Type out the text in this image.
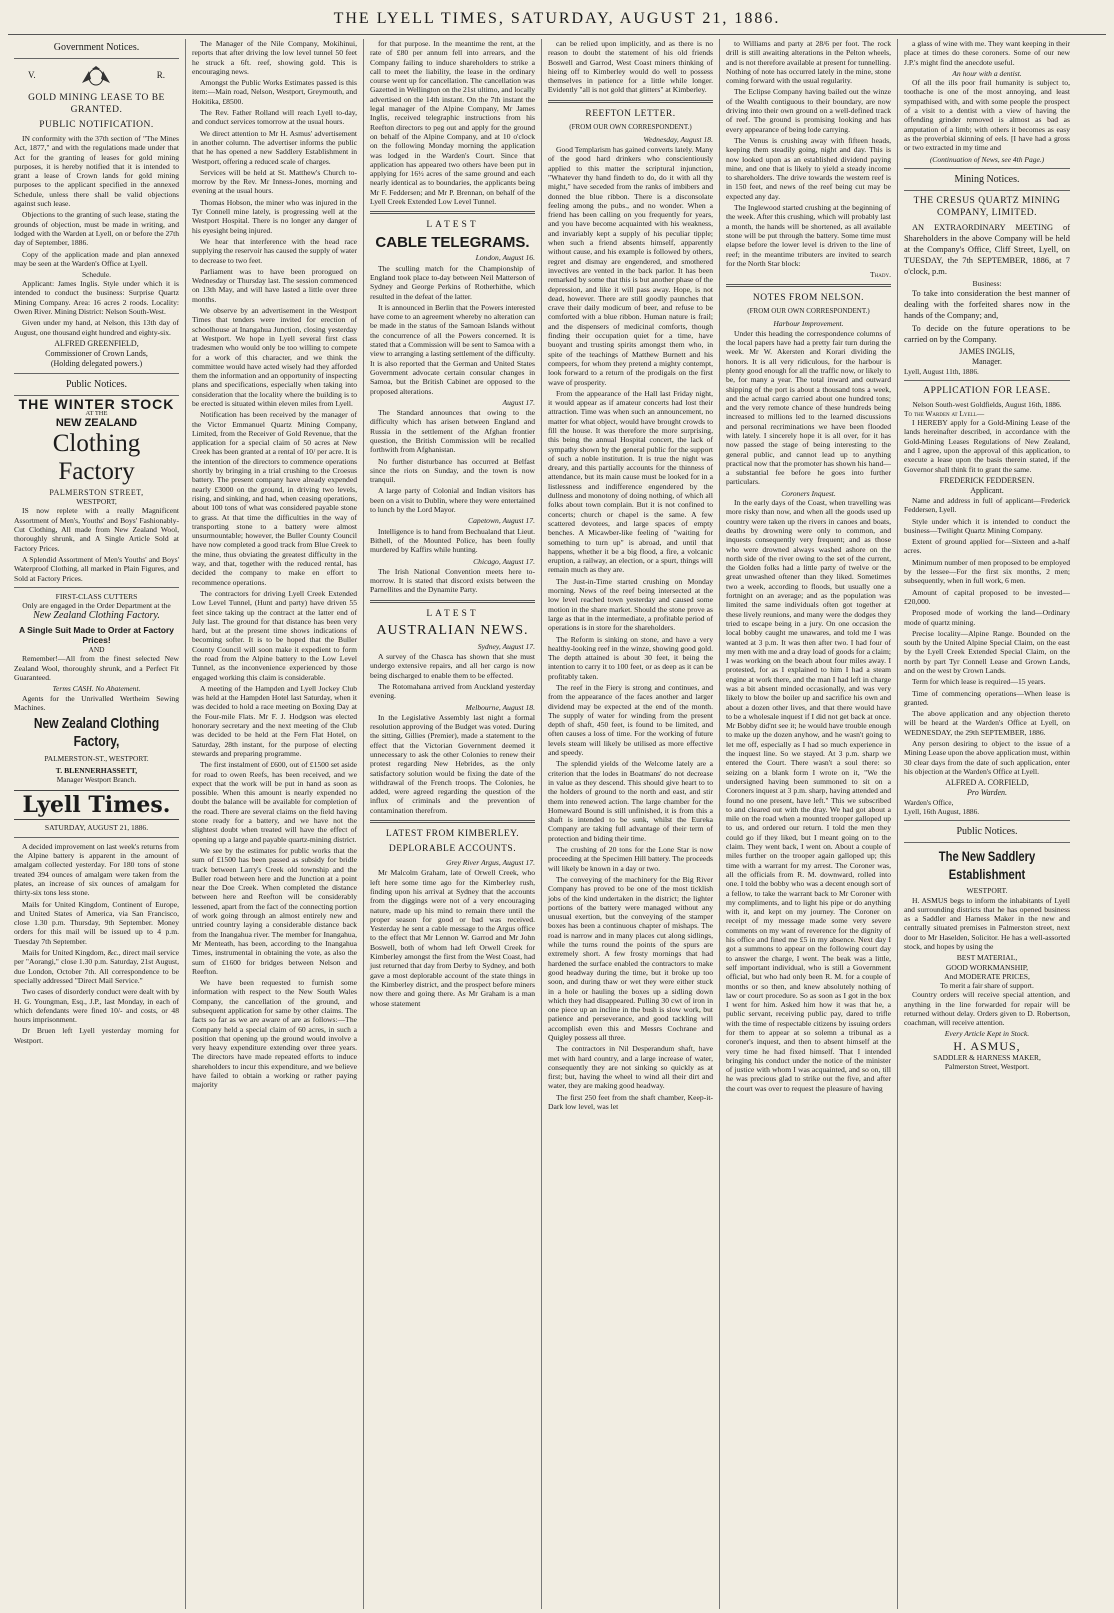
THE LYELL TIMES, SATURDAY, AUGUST 21, 1886.
Government Notices.
V.	R.
GOLD MINING LEASE TO BE GRANTED.
PUBLIC NOTIFICATION.

IN conformity with the 37th section of "The Mines Act, 1877," and with the regulations made under that Act for the granting of leases for gold mining purposes, it is hereby notified that it is intended to grant a lease of Crown lands for gold mining purposes to the applicant specified in the annexed Schedule, unless there shall be valid objections against such lease.

Objections to the granting of such lease, stating the grounds of objection, must be made in writing, and lodged with the Warden at Lyell, on or before the 27th day of September, 1886.

Copy of the application made and plan annexed may be seen at the Warden's Office at Lyell.

Schedule.

Applicant: James Inglis. Style under which it is intended to conduct the business: Surprise Quartz Mining Company. Area: 16 acres 2 roods. Locality: Owen River. Mining District: Nelson South-West.

Given under my hand, at Nelson, this 13th day of August, one thousand eight hundred and eighty-six.

ALFRED GREENFIELD,
Commissioner of Crown Lands,
(Holding delegated powers.)
Public Notices.
THE WINTER STOCK
AT THE
NEW ZEALAND
Clothing Factory
PALMERSTON STREET,
WESTPORT,

IS now replete with a really Magnificent Assortment of Men's, Youths' and Boys' Fashionably-Cut Clothing, All made from New Zealand Wool, thoroughly shrunk, and A Single Article Sold at Factory Prices.

A Splendid Assortment of Men's Youths' and Boys' Waterproof Clothing, all marked in Plain Figures, and Sold at Factory Prices.

FIRST-CLASS CUTTERS
Only are engaged in the Order Department at the
New Zealand Clothing Factory.
A Single Suit Made to Order at Factory Prices!
AND

Remember!—All from the finest selected New Zealand Wool, thoroughly shrunk, and a Perfect Fit Guaranteed.

Terms CASH. No Abatement.

Agents for the Unrivalled Wertheim Sewing Machines.

New Zealand Clothing Factory,
PALMERSTON-ST., WESTPORT.
T. BLENNERHASSETT,
Manager Westport Branch.
Lyell Times.
SATURDAY, AUGUST 21, 1886.

A decided improvement on last week's returns from the Alpine battery is apparent in the amount of amalgam collected yesterday. For 180 tons of stone treated 394 ounces of amalgam were taken from the plates, an increase of six ounces of amalgam for thirty-six tons less stone.

Mails for United Kingdom, Continent of Europe, and United States of America, via San Francisco, close 1.30 p.m. Thursday, 9th September. Money orders for this mail will be issued up to 4 p.m. Tuesday 7th September.

Mails for United Kingdom, &c., direct mail service per "Aorangi," close 1.30 p.m. Saturday, 21st August, due London, October 7th. All correspondence to be specially addressed "Direct Mail Service."

Two cases of disorderly conduct were dealt with by H. G. Youngman, Esq., J.P., last Monday, in each of which defendants were fined 10/- and costs, or 48 hours imprisonment.

Dr Bruen left Lyell yesterday morning for Westport.

The Manager of the Nile Company, Mokihinui, reports that after driving the low level tunnel 50 feet he struck a 6ft. reef, showing gold. This is encouraging news.

Amongst the Public Works Estimates passed is this item:—Main road, Nelson, Westport, Greymouth, and Hokitika, £8500.

The Rev. Father Rolland will reach Lyell to-day, and conduct services tomorrow at the usual hours.

We direct attention to Mr H. Asmus' advertisement in another column. The advertiser informs the public that he has opened a new Saddlery Establishment in Westport, offering a reduced scale of charges.

Services will be held at St. Matthew's Church to-morrow by the Rev. Mr Inness-Jones, morning and evening at the usual hours.

Thomas Hobson, the miner who was injured in the Tyr Connell mine lately, is progressing well at the Westport Hospital. There is no longer any danger of his eyesight being injured.

We hear that interference with the head race supplying the reservoir has caused the supply of water to decrease to two feet.

Parliament was to have been prorogued on Wednesday or Thursday last. The session commenced on 13th May, and will have lasted a little over three months.

We observe by an advertisement in the Westport Times that tenders were invited for erection of schoolhouse at Inangahua Junction, closing yesterday at Westport. We hope in Lyell several first class tradesmen who would only be too willing to compete for a work of this character, and we think the committee would have acted wisely had they afforded them the information and an opportunity of inspecting plans and specifications, especially when taking into consideration that the locality where the building is to be erected is situated within eleven miles from Lyell.

Notification has been received by the manager of the Victor Emmanuel Quartz Mining Company, Limited, from the Receiver of Gold Revenue, that the application for a special claim of 50 acres at New Creek has been granted at a rental of 10/ per acre. It is the intention of the directors to commence operations shortly by bringing in a trial crushing to the Croesus battery. The present company have already expended nearly £3000 on the ground, in driving two levels, rising, and sinking, and had, when ceasing operations, about 100 tons of what was considered payable stone to grass. At that time the difficulties in the way of transporting stone to a battery were almost unsurmountable; however, the Buller County Council have now completed a good track from Blue Creek to the mine, thus obviating the greatest difficulty in the way, and that, together with the reduced rental, has decided the company to make en effort to recommence operations.

The contractors for driving Lyell Creek Extended Low Level Tunnel, (Hunt and party) have driven 55 feet since taking up the contract at the latter end of July last. The ground for that distance has been very hard, but at the present time shows indications of becoming softer. It is to be hoped that the Buller County Council will soon make it expedient to form the road from the Alpine battery to the Low Level Tunnel, as the inconvenience experienced by those engaged working this claim is considerable.

A meeting of the Hampden and Lyell Jockey Club was held at the Hampden Hotel last Saturday, when it was decided to hold a race meeting on Boxing Day at the Four-mile Flats. Mr F. J. Hodgson was elected honorary secretary and the next meeting of the Club was decided to be held at the Fern Flat Hotel, on Saturday, 28th instant, for the purpose of electing stewards and preparing programme.

The first instalment of £600, out of £1500 set aside for road to owen Reefs, has been received, and we expect that the work will be put in hand as soon as possible. When this amount is nearly expended no doubt the balance will be available for completion of the road. There are several claims on the field having stone ready for a battery, and we have not the slightest doubt when treated will have the effect of opening up a large and payable quartz-mining district.

We see by the estimates for public works that the sum of £1500 has been passed as subsidy for bridle track between Larry's Creek old township and the Buller road between here and the Junction at a point near the Doe Creek. When completed the distance between here and Reefton will be considerably lessened, apart from the fact of the connecting portion of work going through an almost entirely new and untried country laying a considerable distance back from the Inangahua river. The member for Inangahua, Mr Menteath, has been, according to the Inangahua Times, instrumental in obtaining the vote, as also the sum of £1600 for bridges between Nelson and Reefton.

We have been requested to furnish some information with respect to the New South Wales Company, the cancellation of the ground, and subsequent application for same by other claims. The facts so far as we are aware of are as follows:—The Company held a special claim of 60 acres, in such a position that opening up the ground would involve a very heavy expenditure extending over three years. The directors have made repeated efforts to induce shareholders to incur this expenditure, and we believe have failed to obtain a working or rather paying majority

for that purpose. In the meantime the rent, at the rate of £80 per annum fell into arrears, and the Company failing to induce shareholders to strike a call to meet the liability, the lease in the ordinary course went up for cancellation. The cancellation was Gazetted in Wellington on the 21st ultimo, and locally advertised on the 14th instant. On the 7th instant the legal manager of the Alpine Company, Mr James Inglis, received telegraphic instructions from his Reefton directors to peg out and apply for the ground on behalf of the Alpine Company, and at 10 o'clock on the following Monday morning the application was lodged in the Warden's Court. Since that application has appeared two others have been put in applying for 16½ acres of the same ground and each nearly identical as to boundaries, the applicants being Mr F. Feddersen; and Mr P. Brennan, on behalf of the Lyell Creek Extended Low Level Tunnel.

LATEST
CABLE TELEGRAMS.
London, August 16.

The sculling match for the Championship of England took place to-day between Neil Matterson of Sydney and George Perkins of Rotherhithe, which resulted in the defeat of the latter.

It is announced in Berlin that the Powers interested have come to an agreement whereby no alteration can be made in the status of the Samoan Islands without the concurrence of all the Powers concerned. It is stated that a Commission will be sent to Samoa with a view to arranging a lasting settlement of the difficulty. It is also reported that the German and United States Government advocate certain consular changes in Samoa, but the British Cabinet are opposed to the proposed alterations.

August 17.

The Standard announces that owing to the difficulty which has arisen between England and Russia in the settlement of the Afghan frontier question, the British Commission will be recalled forthwith from Afghanistan.

No further disturbance has occurred at Belfast since the riots on Sunday, and the town is now tranquil.

A large party of Colonial and Indian visitors has been on a visit to Dublin, where they were entertained to lunch by the Lord Mayor.

Capetown, August 17.

Intelligence is to hand from Bechualand that Lieut. Bithell, of the Mounted Police, has been foully murdered by Kaffirs while hunting.

Chicago, August 17.

The Irish National Convention meets here to-morrow. It is stated that discord exists between the Parnellites and the Dynamite Party.

LATEST
AUSTRALIAN NEWS.
Sydney, August 17.

A survey of the Chasca has shown that she must undergo extensive repairs, and all her cargo is now being discharged to enable them to be effected.

The Rotomahana arrived from Auckland yesterday evening.

Melbourne, August 18.

In the Legislative Assembly last night a formal resolution approving of the Budget was voted. During the sitting, Gillies (Premier), made a statement to the effect that the Victorian Government deemed it unnecessary to ask the other Colonies to renew their protest regarding New Hebrides, as the only satisfactory solution would be fixing the date of the withdrawal of the French troops. The Colonies, he added, were agreed regarding the question of the influx of criminals and the prevention of contamination therefrom.

LATEST FROM KIMBERLEY.
DEPLORABLE ACCOUNTS.
Grey River Argus, August 17.

Mr Malcolm Graham, late of Orwell Creek, who left here some time ago for the Kimberley rush, finding upon his arrival at Sydney that the accounts from the diggings were not of a very encouraging nature, made up his mind to remain there until the proper season for good or bad was received. Yesterday he sent a cable message to the Argus office to the effect that Mr Lennon W. Garrod and Mr John Boswell, both of whom had left Orwell Creek for Kimberley amongst the first from the West Coast, had just returned that day from Derby to Sydney, and both gave a most deplorable account of the state things in the Kimberley district, and the prospect before miners now there and going there. As Mr Graham is a man whose statement

can be relied upon implicitly, and as there is no reason to doubt the statement of his old friends Boswell and Garrod, West Coast miners thinking of hieing off to Kimberley would do well to possess themselves in patience for a little while longer. Evidently "all is not gold that glitters" at Kimberley.

REEFTON LETTER.
(FROM OUR OWN CORRESPONDENT.)
Wednesday, August 18.

Good Templarism has gained converts lately. Many of the good hard drinkers who conscientiously applied to this matter the scriptural injunction, "Whatever thy hand findeth to do, do it with all thy might," have seceded from the ranks of imbibers and donned the blue ribbon. There is a disconsolate feeling among the pubs., and no wonder. When a friend has been calling on you frequently for years, and you have become acquainted with his weakness, and invariably kept a supply of his peculiar tipple; when such a friend absents himself, apparently without cause, and his example is followed by others, regret and dismay are engendered, and smothered invectives are vented in the back parlor. It has been remarked by some that this is but another phase of the depression, and like it will pass away. Hope, is not dead, however. There are still goodly paunches that crave their daily modicum of beer, and refuse to be comforted with a blue ribbon. Human nature is frail; and the dispensers of medicinal comforts, though finding their occupation quiet for a time, have buoyant and trusting spirits amongst them who, in spite of the teachings of Matthew Burnett and his compeers, for whom they pretend a mighty contempt, look forward to a return of the prodigals on the first wave of prosperity.

From the appearance of the Hall last Friday night, it would appear as if amateur concerts had lost their attraction. Time was when such an announcement, no matter for what object, would have brought crowds to fill the house. It was therefore the more surprising, this being the annual Hospital concert, the lack of sympathy shown by the general public for the support of such a noble institution. It is true the night was dreary, and this partially accounts for the thinness of attendance, but its main cause must be looked for in a listlessness and indifference engendered by the dullness and monotony of doing nothing, of which all folks about town complain. But it is not confined to concerts; church or chapel is the same. A few scattered devotees, and large spaces of empty benches. A Micawber-like feeling of "waiting for something to turn up" is abroad, and until that happens, whether it be a big flood, a fire, a volcanic eruption, a railway, an election, or a spurt, things will remain much as they are.

The Just-in-Time started crushing on Monday morning. News of the reef being intersected at the low level reached town yesterday and caused some motion in the share market. Should the stone prove as large as that in the intermediate, a profitable period of operations is in store for the shareholders.

The Reform is sinking on stone, and have a very healthy-looking reef in the winze, showing good gold. The depth attained is about 30 feet, it being the intention to carry it to 100 feet, or as deep as it can be profitably taken.

The reef in the Fiery is strong and continues, and from the appearance of the faces another and larger dividend may be expected at the end of the month. The supply of water for winding from the present depth of shaft, 450 feet, is found to be limited, and often causes a loss of time. For the working of future levels steam will likely be utilised as more effective and speedy.

The splendid yields of the Welcome lately are a criterion that the lodes in Boatmans' do not decrease in value as they descend. This should give heart to to the holders of ground to the north and east, and stir them into renewed action. The large chamber for the Homeward Bound is still unfinished, it is from this a shaft is intended to be sunk, whilst the Eureka Company are taking full advantage of their term of protection and biding their time.

The crushing of 20 tons for the Lone Star is now proceeding at the Specimen Hill battery. The proceeds will likely be known in a day or two.

The conveying of the machinery for the Big River Company has proved to be one of the most ticklish jobs of the kind undertaken in the district; the lighter portions of the battery were managed without any unusual exertion, but the conveying of the stamper boxes has been a continuous chapter of mishaps. The road is narrow and in many places cut along sidlings, while the turns round the points of the spurs are extremely short. A few frosty mornings that had hardened the surface enabled the contractors to make good headway during the time, but it broke up too soon, and during thaw or wet they were either stuck in a hole or hauling the boxes up a sidling down which they had disappeared. Pulling 30 cwt of iron in one piece up an incline in the bush is slow work, but patience and perseverance, and good tackling will accomplish even this and Messrs Cochrane and Quigley possess all three.

The contractors in Nil Desperandum shaft, have met with hard country, and a large increase of water, consequently they are not sinking so quickly as at first; but, having the wheel to wind all their dirt and water, they are making good headway.

The first 250 feet from the shaft chamber, Keep-it-Dark low level, was let

to Williams and party at 28/6 per foot. The rock drill is still awaiting alterations in the Pelton wheels, and is not therefore available at present for tunnelling. Nothing of note has occurred lately in the mine, stone coming forward with the usual regularity.

The Eclipse Company having bailed out the winze of the Wealth contiguous to their boundary, are now driving into their own ground on a well-defined track of reef. The ground is promising looking and has every appearance of being lode carrying.

The Venus is crushing away with fifteen heads, keeping them steadily going, night and day. This is now looked upon as an established dividend paying mine, and one that is likely to yield a steady income to shareholders. The drive towards the western reef is in 150 feet, and news of the reef being cut may be expected any day.

The Inglewood started crushing at the beginning of the week. After this crushing, which will probably last a month, the hands will be shortened, as all available stone will be put through the battery. Some time must elapse before the lower level is driven to the line of reef; in the meantime tributers are invited to search for the North Star block:

Thady.
NOTES FROM NELSON.
(FROM OUR OWN CORRESPONDENT.)
Harbour Improvement.

Under this heading the correspondence columns of the local papers have had a pretty fair turn during the week. Mr W. Akersten and Korari dividing the honors. It is all very ridiculous, for the harbour is plenty good enough for all the traffic now, or likely to be, for many a year. The total inward and outward shipping of the port is about a thousand tons a week, and the actual cargo carried about one hundred tons; and the very remote chance of these hundreds being increased to millions led to the learned discussions and personal recriminations we have been flooded with lately. I sincerely hope it is all over, for it has now passed the stage of being interesting to the general public, and cannot lead up to anything practical now that the promoter has shown his hand—a substantial fee before he goes into further particulars.

Coroners Inquest.

In the early days of the Coast, when travelling was more risky than now, and when all the goods used up country were taken up the rivers in canoes and boats, deaths by drowning were only to common, and inquests consequently very frequent; and as those who were drowned always washed ashore on the north side of the river owing to the set of the current, the Golden folks had a little party of twelve or the great unwashed oftener than they liked. Sometimes two a week, according to floods, but usually one a fortnight on an average; and as the population was limited the same individuals often got together at these lively reunions, and many were the dodges they tried to escape being in a jury. On one occasion the local bobby caught me unawares, and told me I was wanted at 3 p.m. It was then after two. I had four of my men with me and a dray load of goods for a claim; I was working on the beach about four miles away. I protested, for as I explained to him I had a steam engine at work there, and the man I had left in charge was a bit absent minded occasionally, and was very likely to blow the boiler up and sacrifice his own and about a dozen other lives, and that there would have to be a wholesale inquest if I did not get back at once. Mr Bobby did'nt see it; he would have trouble enough to make up the dozen anyhow, and he wasn't going to let me off, especially as I had so much experience in the inquest line. So we stayed. At 3 p.m. sharp we entered the Court. There wasn't a soul there: so seizing on a blank form I wrote on it, "We the undersigned having been summoned to sit on a Coroners inquest at 3 p.m. sharp, having attended and found no one present, have left." This we subscribed to and cleared out with the dray. We had got about a mile on the road when a mounted trooper galloped up to us, and ordered our return. I told the men they could go if they liked, but I meant going on to the claim. They went back, I went on. About a couple of miles further on the trooper again galloped up; this time with a warrant for my arrest. The Coroner was, all the officials from R. M. downward, rolled into one. I told the bobby who was a decent enough sort of a fellow, to take the warrant back to Mr Coroner with my compliments, and to light his pipe or do anything with it, and kept on my journey. The Coroner on receipt of my message made some very severe comments on my want of reverence for the dignity of his office and fined me £5 in my absence. Next day I got a summons to appear on the following court day to answer the charge, I went. The beak was a little, self important individual, who is still a Government official, but who had only been R. M. for a couple of months or so then, and knew absolutely nothing of law or court procedure. So as soon as I got in the box I went for him. Asked him how it was that he, a public servant, receiving public pay, dared to trifle with the time of respectable citizens by issuing orders for them to appear at so solemn a tribunal as a coroner's inquest, and then to absent himself at the very time he had fixed himself. That I intended bringing his conduct under the notice of the minister of justice with whom I was acquainted, and so on, till he was precious glad to strike out the five, and after the court was over to request the pleasure of having

a glass of wine with me. They want keeping in their place at times do these coroners. Some of our new J.P.'s might find the anecdote useful.

An hour with a dentist.

Of all the ills poor frail humanity is subject to, toothache is one of the most annoying, and least sympathised with, and with some people the prospect of a visit to a dentist with a view of having the offending grinder removed is almost as bad as amputation of a limb; with others it becomes as easy as the proverbial skinning of eels. [I have had a gross or two extracted in my time and

(Continuation of News, see 4th Page.)
Mining Notices.
THE CRESUS QUARTZ MINING COMPANY, LIMITED.

AN EXTRAORDINARY MEETING of Shareholders in the above Company will be held at the Company's Office, Cliff Street, Lyell, on TUESDAY, the 7th SEPTEMBER, 1886, at 7 o'clock, p.m.

Business:

To take into consideration the best manner of dealing with the forfeited shares now in the hands of the Company; and,

To decide on the future operations to be carried on by the Company.

JAMES INGLIS,
Manager.
Lyell, August 11th, 1886.
APPLICATION FOR LEASE.
Nelson South-west Goldfields, August 16th, 1886.
To the Warden at Lyell—

I HEREBY apply for a Gold-Mining Lease of the lands hereinafter described, in accordance with the Gold-Mining Leases Regulations of New Zealand, and I agree, upon the approval of this application, to execute a lease upon the basis therein stated, if the Governor shall think fit to grant the same.

FREDERICK FEDDERSEN.
Applicant.

Name and address in full of applicant—Frederick Feddersen, Lyell.

Style under which it is intended to conduct the business—Twilight Quartz Mining Company.

Extent of ground applied for—Sixteen and a-half acres.

Minimum number of men proposed to be employed by the lessee—For the first six months, 2 men; subsequently, when in full work, 6 men.

Amount of capital proposed to be invested—£20,000.

Proposed mode of working the land—Ordinary mode of quartz mining.

Precise locality—Alpine Range. Bounded on the south by the United Alpine Special Claim, on the east by the Lyell Creek Extended Special Claim, on the north by part Tyr Connell Lease and Grown Lands, and on the west by Crown Lands.

Term for which lease is required—15 years.

Time of commencing operations—When lease is granted.

The above application and any objection thereto will be heard at the Warden's Office at Lyell, on WEDNESDAY, the 29th SEPTEMBER, 1886.

Any person desiring to object to the issue of a Mining Lease upon the above application must, within 30 clear days from the date of such application, enter his objection at the Warden's Office at Lyell.

ALFRED A. CORFIELD,
Pro Warden.
Warden's Office,
Lyell, 16th August, 1886.
Public Notices.
The New Saddlery Establishment
WESTPORT.

H. ASMUS begs to inform the inhabitants of Lyell and surrounding districts that he has opened business as a Saddler and Harness Maker in the new and centrally situated premises in Palmerston street, next door to Mr Haselden, Solicitor. He has a well-assorted stock, and hopes by using the

BEST MATERIAL,
GOOD WORKMANSHIP,
And MODERATE PRICES,
To merit a fair share of support.

Country orders will receive special attention, and anything in the line forwarded for repair will be returned without delay. Orders given to D. Robertson, coachman, will receive attention.

Every Article Kept in Stock.
H. ASMUS,
SADDLER & HARNESS MAKER,
Palmerston Street, Westport.
